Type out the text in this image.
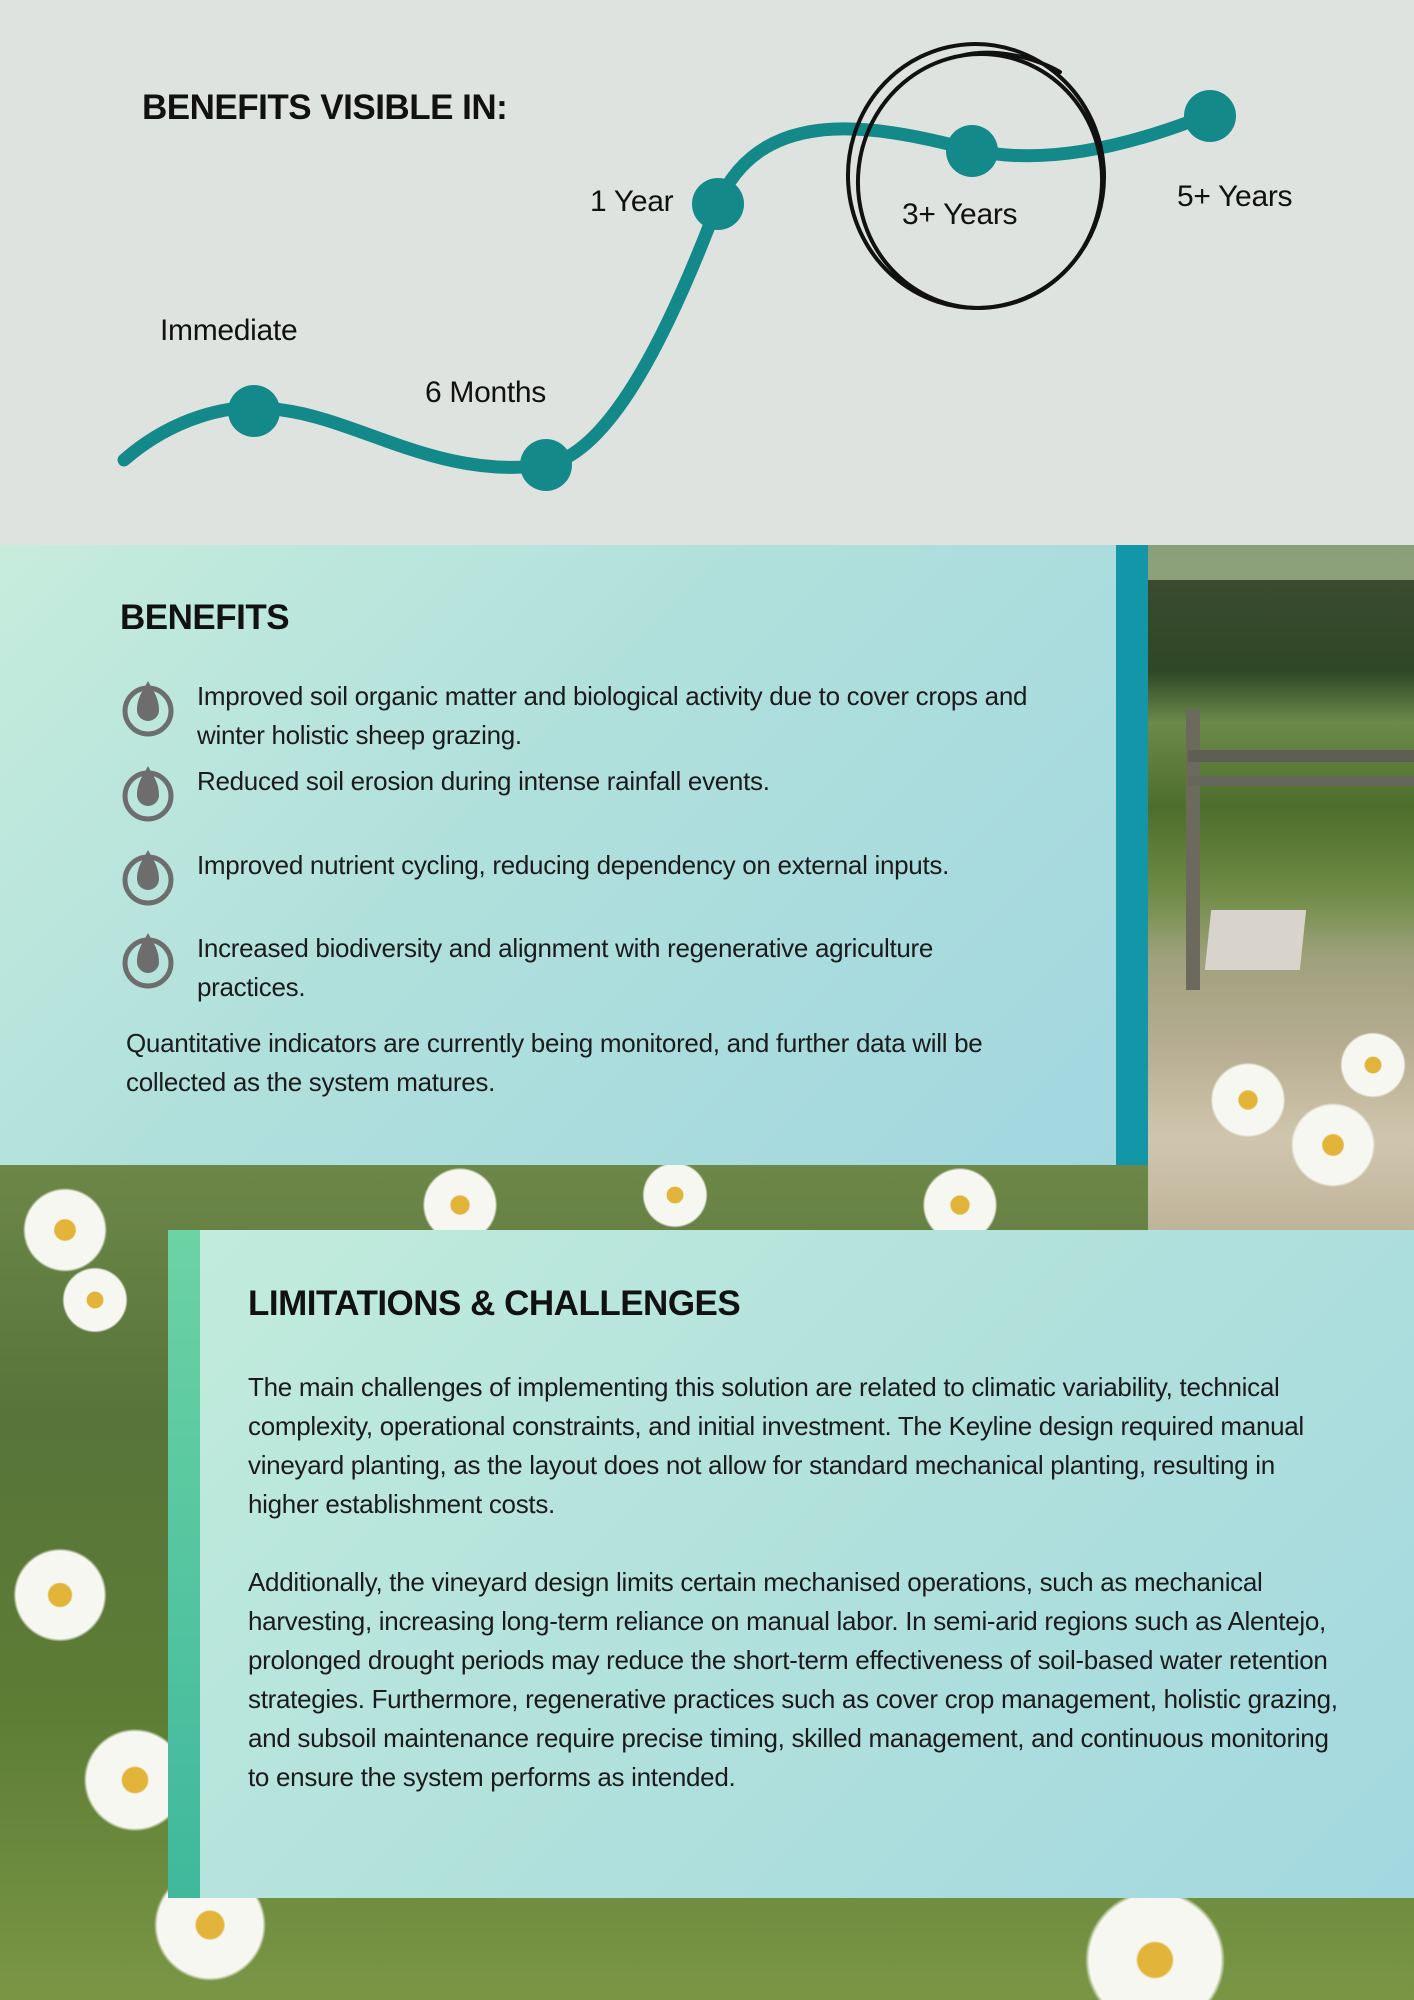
BENEFITS VISIBLE IN:
Immediate
6 Months
1 Year	3+ Years
5+ Years
BENEFITS
Improved soil organic matter and biological activity due to cover crops and winter holistic sheep grazing.
Reduced soil erosion during intense rainfall events.
Improved nutrient cycling, reducing dependency on external inputs.
Increased biodiversity and alignment with regenerative agriculture practices.
Quantitative indicators are currently being monitored, and further data will be collected as the system matures.
LIMITATIONS & CHALLENGES

The main challenges of implementing this solution are related to climatic variability, technical complexity, operational constraints, and initial investment. The Keyline design required manual vineyard planting, as the layout does not allow for standard mechanical planting, resulting in higher establishment costs.

Additionally, the vineyard design limits certain mechanised operations, such as mechanical harvesting, increasing long-term reliance on manual labor. In semi-arid regions such as Alentejo, prolonged drought periods may reduce the short-term effectiveness of soil-based water retention strategies. Furthermore, regenerative practices such as cover crop management, holistic grazing, and subsoil maintenance require precise timing, skilled management, and continuous monitoring to ensure the system performs as intended.
